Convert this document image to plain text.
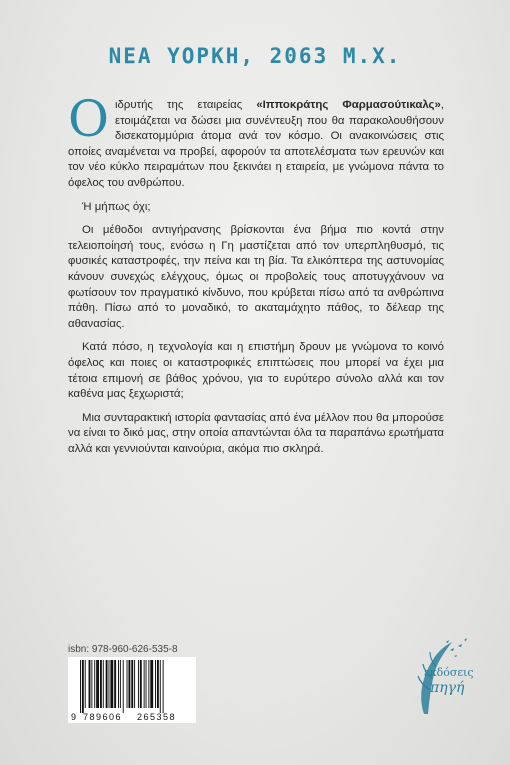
ΝΕΑ ΥΟΡΚΗ, 2063 Μ.Χ.

Οιδρυτής της εταιρείας «Ιπποκράτης Φαρμασούτικαλς», ετοιμάζεται να δώσει μια συνέντευξη που θα παρακολουθήσουν δισεκατομμύρια άτομα ανά τον κόσμο. Οι ανακοινώσεις στις οποίες αναμένεται να προβεί, αφορούν τα αποτελέσματα των ερευνών και τον νέο κύκλο πειραμάτων που ξεκινάει η εταιρεία, με γνώμονα πάντα το όφελος του ανθρώπου.

Ή μήπως όχι;

Οι μέθοδοι αντιγήρανσης βρίσκονται ένα βήμα πιο κοντά στην τελειοποίησή τους, ενόσω η Γη μαστίζεται από τον υπερπληθυσμό, τις φυσικές καταστροφές, την πείνα και τη βία. Τα ελικόπτερα της αστυνομίας κάνουν συνεχώς ελέγχους, όμως οι προβολείς τους αποτυγχάνουν να φωτίσουν τον πραγματικό κίνδυνο, που κρύβεται πίσω από τα ανθρώπινα πάθη. Πίσω από το μοναδικό, το ακαταμάχητο πάθος, το δέλεαρ της αθανασίας.

Κατά πόσο, η τεχνολογία και η επιστήμη δρουν με γνώμονα το κοινό όφελος και ποιες οι καταστροφικές επιπτώσεις που μπορεί να έχει μια τέτοια επιμονή σε βάθος χρόνου, για το ευρύτερο σύνολο αλλά και τον καθένα μας ξεχωριστά;

Μια συνταρακτική ιστορία φαντασίας από ένα μέλλον που θα μπορούσε να είναι το δικό μας, στην οποία απαντώνται όλα τα παραπάνω ερωτήματα αλλά και γεννιούνται καινούρια, ακόμα πιο σκληρά.

isbn: 978-960-626-535-8
9 789606 265358
εκδόσεις
πηγή
